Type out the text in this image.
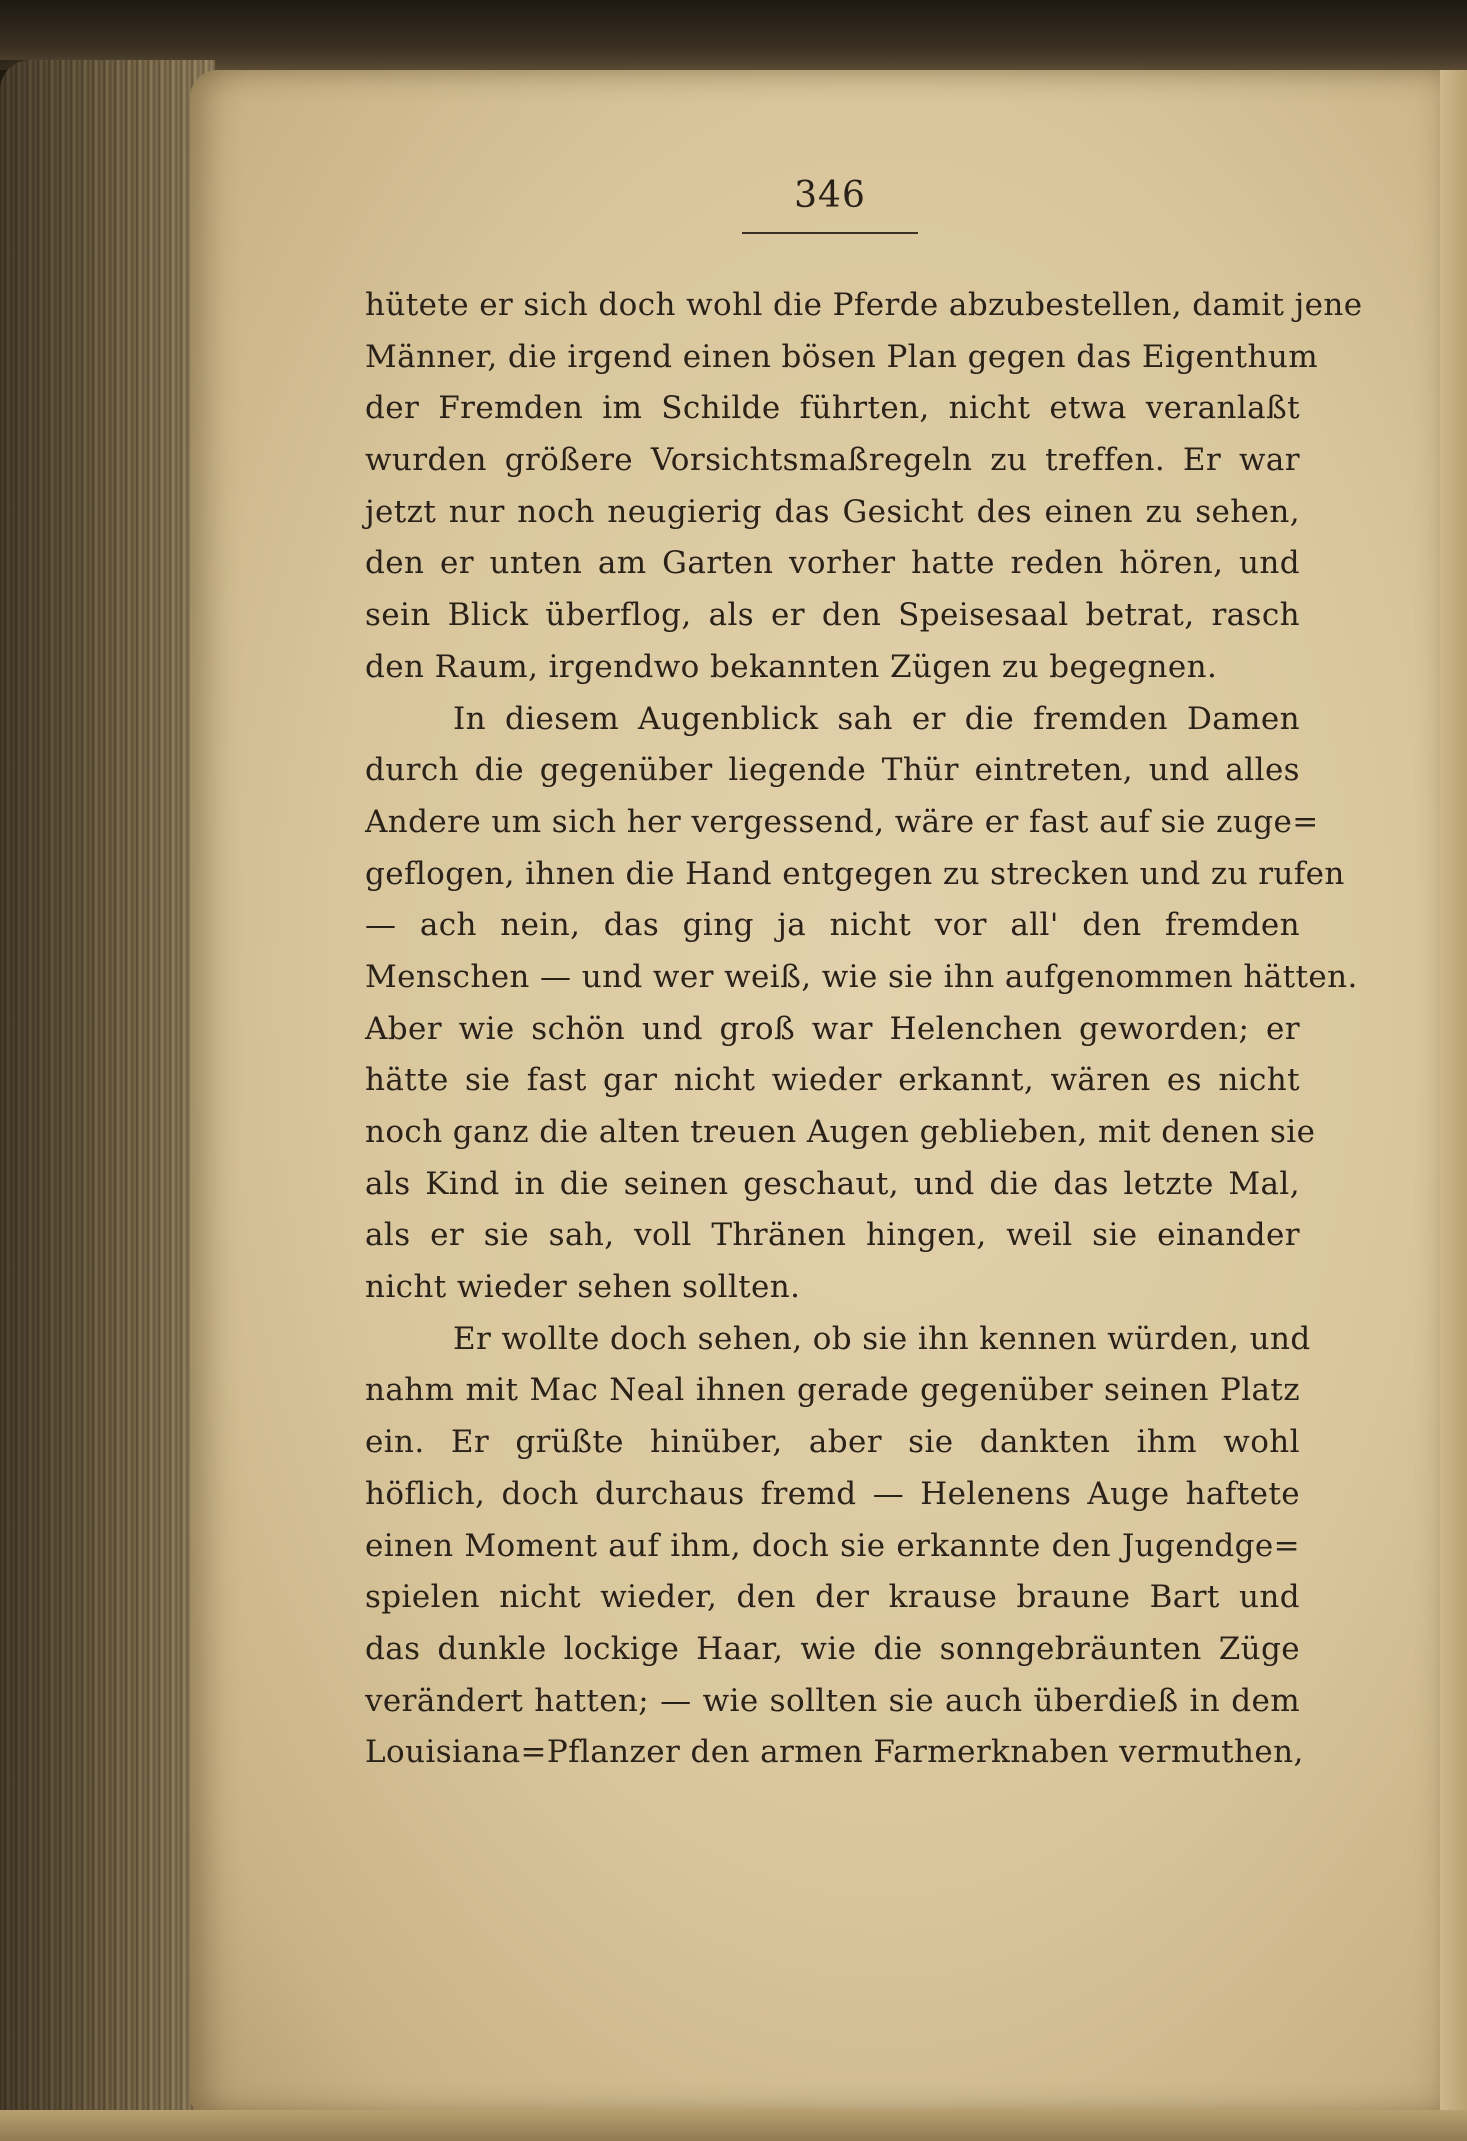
346
hütete er sich doch wohl die Pferde abzubestellen, damit jene
Männer, die irgend einen bösen Plan gegen das Eigenthum
der Fremden im Schilde führten, nicht etwa veranlaßt
wurden größere Vorsichtsmaßregeln zu treffen. Er war
jetzt nur noch neugierig das Gesicht des einen zu sehen,
den er unten am Garten vorher hatte reden hören, und
sein Blick überflog, als er den Speisesaal betrat, rasch
den Raum, irgendwo bekannten Zügen zu begegnen.
In diesem Augenblick sah er die fremden Damen
durch die gegenüber liegende Thür eintreten, und alles
Andere um sich her vergessend, wäre er fast auf sie zuge=
geflogen, ihnen die Hand entgegen zu strecken und zu rufen
— ach nein, das ging ja nicht vor all' den fremden
Menschen — und wer weiß, wie sie ihn aufgenommen hätten.
Aber wie schön und groß war Helenchen geworden; er
hätte sie fast gar nicht wieder erkannt, wären es nicht
noch ganz die alten treuen Augen geblieben, mit denen sie
als Kind in die seinen geschaut, und die das letzte Mal,
als er sie sah, voll Thränen hingen, weil sie einander
nicht wieder sehen sollten.
Er wollte doch sehen, ob sie ihn kennen würden, und
nahm mit Mac Neal ihnen gerade gegenüber seinen Platz
ein. Er grüßte hinüber, aber sie dankten ihm wohl
höflich, doch durchaus fremd — Helenens Auge haftete
einen Moment auf ihm, doch sie erkannte den Jugendge=
spielen nicht wieder, den der krause braune Bart und
das dunkle lockige Haar, wie die sonngebräunten Züge
verändert hatten; — wie sollten sie auch überdieß in dem
Louisiana=Pflanzer den armen Farmerknaben vermuthen,
